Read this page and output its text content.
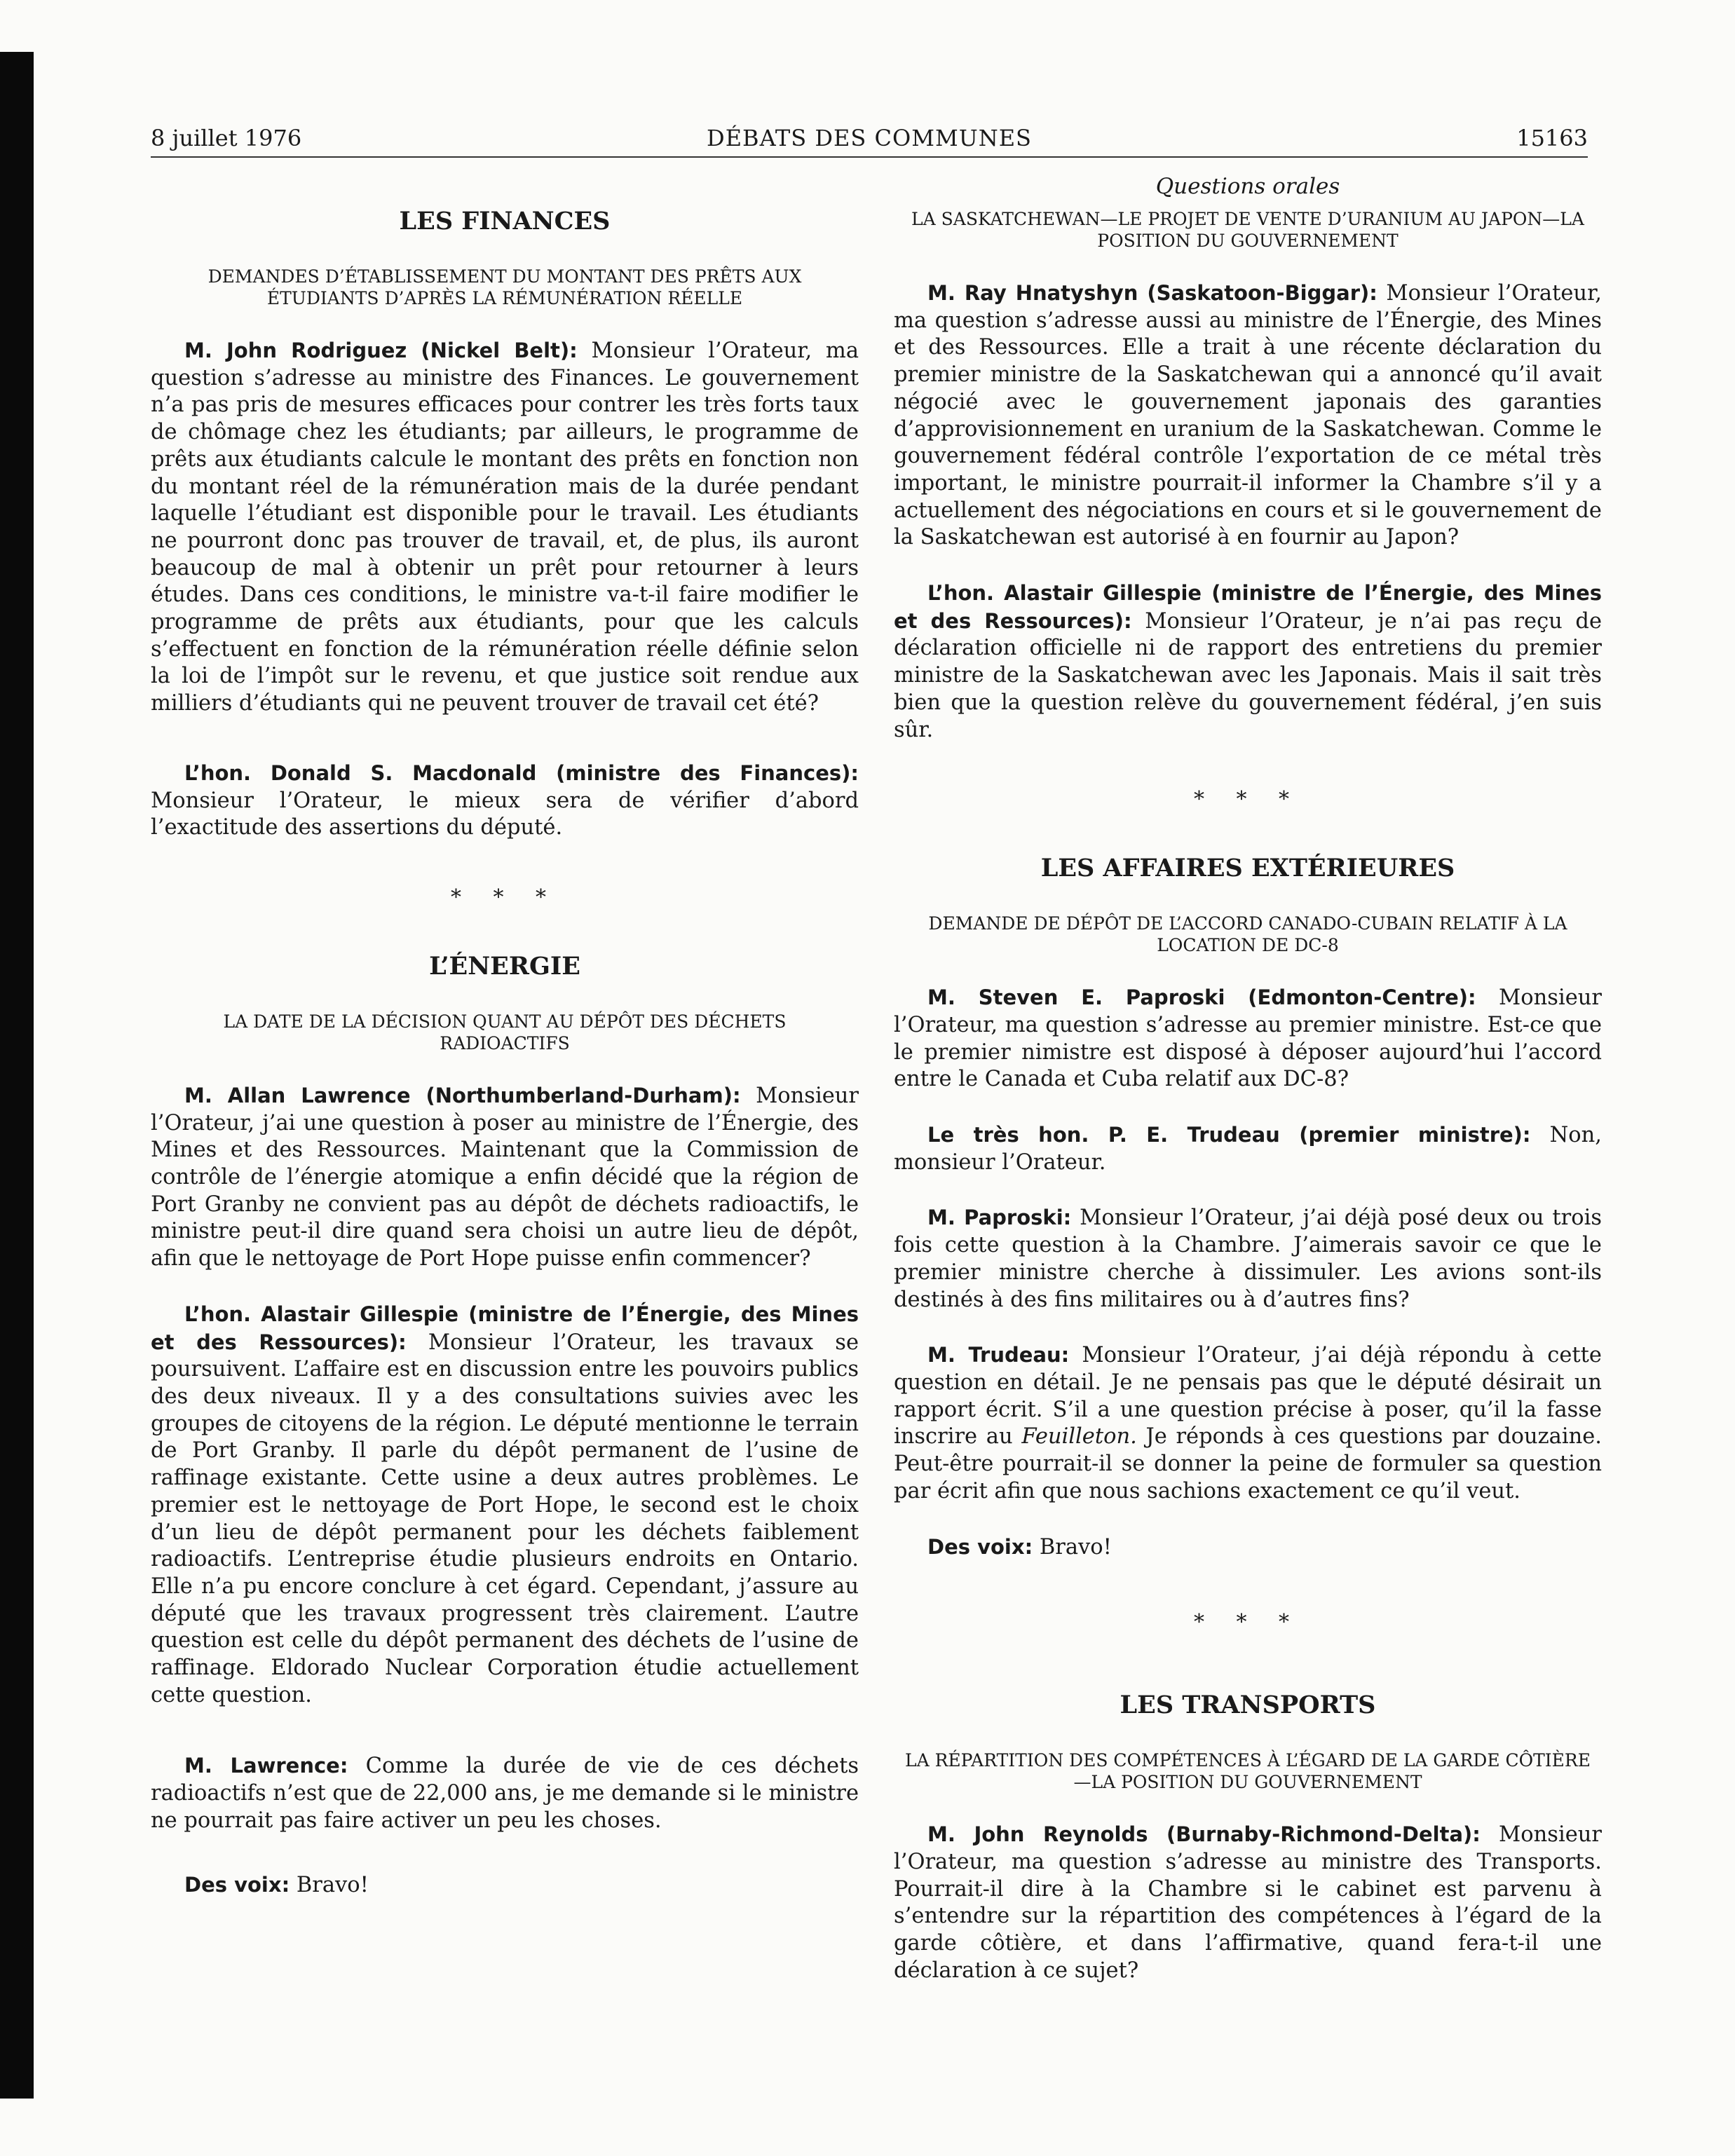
8 juillet 1976	DÉBATS DES COMMUNES	15163
LES FINANCES
DEMANDES D’ÉTABLISSEMENT DU MONTANT DES PRÊTS AUX ÉTUDIANTS D’APRÈS LA RÉMUNÉRATION RÉELLE

M. John Rodriguez (Nickel Belt): Monsieur l’Orateur, ma question s’adresse au ministre des Finances. Le gouvernement n’a pas pris de mesures efficaces pour contrer les très forts taux de chômage chez les étudiants; par ailleurs, le programme de prêts aux étudiants calcule le montant des prêts en fonction non du montant réel de la rémunération mais de la durée pendant laquelle l’étudiant est disponible pour le travail. Les étudiants ne pourront donc pas trouver de travail, et, de plus, ils auront beaucoup de mal à obtenir un prêt pour retourner à leurs études. Dans ces conditions, le ministre va-t-il faire modifier le programme de prêts aux étudiants, pour que les calculs s’effectuent en fonction de la rémunération réelle définie selon la loi de l’impôt sur le revenu, et que justice soit rendue aux milliers d’étudiants qui ne peuvent trouver de travail cet été?

L’hon. Donald S. Macdonald (ministre des Finances): Monsieur l’Orateur, le mieux sera de vérifier d’abord l’exactitude des assertions du député.

* * *
L’ÉNERGIE
LA DATE DE LA DÉCISION QUANT AU DÉPÔT DES DÉCHETS RADIOACTIFS

M. Allan Lawrence (Northumberland-Durham): Monsieur l’Orateur, j’ai une question à poser au ministre de l’Énergie, des Mines et des Ressources. Maintenant que la Commission de contrôle de l’énergie atomique a enfin décidé que la région de Port Granby ne convient pas au dépôt de déchets radioactifs, le ministre peut-il dire quand sera choisi un autre lieu de dépôt, afin que le nettoyage de Port Hope puisse enfin commencer?

L’hon. Alastair Gillespie (ministre de l’Énergie, des Mines et des Ressources): Monsieur l’Orateur, les travaux se poursuivent. L’affaire est en discussion entre les pouvoirs publics des deux niveaux. Il y a des consultations suivies avec les groupes de citoyens de la région. Le député mentionne le terrain de Port Granby. Il parle du dépôt permanent de l’usine de raffinage existante. Cette usine a deux autres problèmes. Le premier est le nettoyage de Port Hope, le second est le choix d’un lieu de dépôt permanent pour les déchets faiblement radioactifs. L’entreprise étudie plusieurs endroits en Ontario. Elle n’a pu encore conclure à cet égard. Cependant, j’assure au député que les travaux progressent très clairement. L’autre question est celle du dépôt permanent des déchets de l’usine de raffinage. Eldorado Nuclear Corporation étudie actuellement cette question.

M. Lawrence: Comme la durée de vie de ces déchets radioactifs n’est que de 22,000 ans, je me demande si le ministre ne pourrait pas faire activer un peu les choses.

Des voix: Bravo!

Questions orales
LA SASKATCHEWAN—LE PROJET DE VENTE D’URANIUM AU JAPON—LA POSITION DU GOUVERNEMENT

M. Ray Hnatyshyn (Saskatoon-Biggar): Monsieur l’Orateur, ma question s’adresse aussi au ministre de l’Énergie, des Mines et des Ressources. Elle a trait à une récente déclaration du premier ministre de la Saskatchewan qui a annoncé qu’il avait négocié avec le gouvernement japonais des garanties d’approvisionnement en uranium de la Saskatchewan. Comme le gouvernement fédéral contrôle l’exportation de ce métal très important, le ministre pourrait-il informer la Chambre s’il y a actuellement des négociations en cours et si le gouvernement de la Saskatchewan est autorisé à en fournir au Japon?

L’hon. Alastair Gillespie (ministre de l’Énergie, des Mines et des Ressources): Monsieur l’Orateur, je n’ai pas reçu de déclaration officielle ni de rapport des entretiens du premier ministre de la Saskatchewan avec les Japonais. Mais il sait très bien que la question relève du gouvernement fédéral, j’en suis sûr.

* * *
LES AFFAIRES EXTÉRIEURES
DEMANDE DE DÉPÔT DE L’ACCORD CANADO-CUBAIN RELATIF À LA LOCATION DE DC-8

M. Steven E. Paproski (Edmonton-Centre): Monsieur l’Orateur, ma question s’adresse au premier ministre. Est-ce que le premier nimistre est disposé à déposer aujourd’hui l’accord entre le Canada et Cuba relatif aux DC-8?

Le très hon. P. E. Trudeau (premier ministre): Non, monsieur l’Orateur.

M. Paproski: Monsieur l’Orateur, j’ai déjà posé deux ou trois fois cette question à la Chambre. J’aimerais savoir ce que le premier ministre cherche à dissimuler. Les avions sont-ils destinés à des fins militaires ou à d’autres fins?

M. Trudeau: Monsieur l’Orateur, j’ai déjà répondu à cette question en détail. Je ne pensais pas que le député désirait un rapport écrit. S’il a une question précise à poser, qu’il la fasse inscrire au Feuilleton. Je réponds à ces questions par douzaine. Peut-être pourrait-il se donner la peine de formuler sa question par écrit afin que nous sachions exactement ce qu’il veut.

Des voix: Bravo!

* * *
LES TRANSPORTS
LA RÉPARTITION DES COMPÉTENCES À L’ÉGARD DE LA GARDE CÔTIÈRE—LA POSITION DU GOUVERNEMENT

M. John Reynolds (Burnaby-Richmond-Delta): Monsieur l’Orateur, ma question s’adresse au ministre des Transports. Pourrait-il dire à la Chambre si le cabinet est parvenu à s’entendre sur la répartition des compétences à l’égard de la garde côtière, et dans l’affirmative, quand fera-t-il une déclaration à ce sujet?
